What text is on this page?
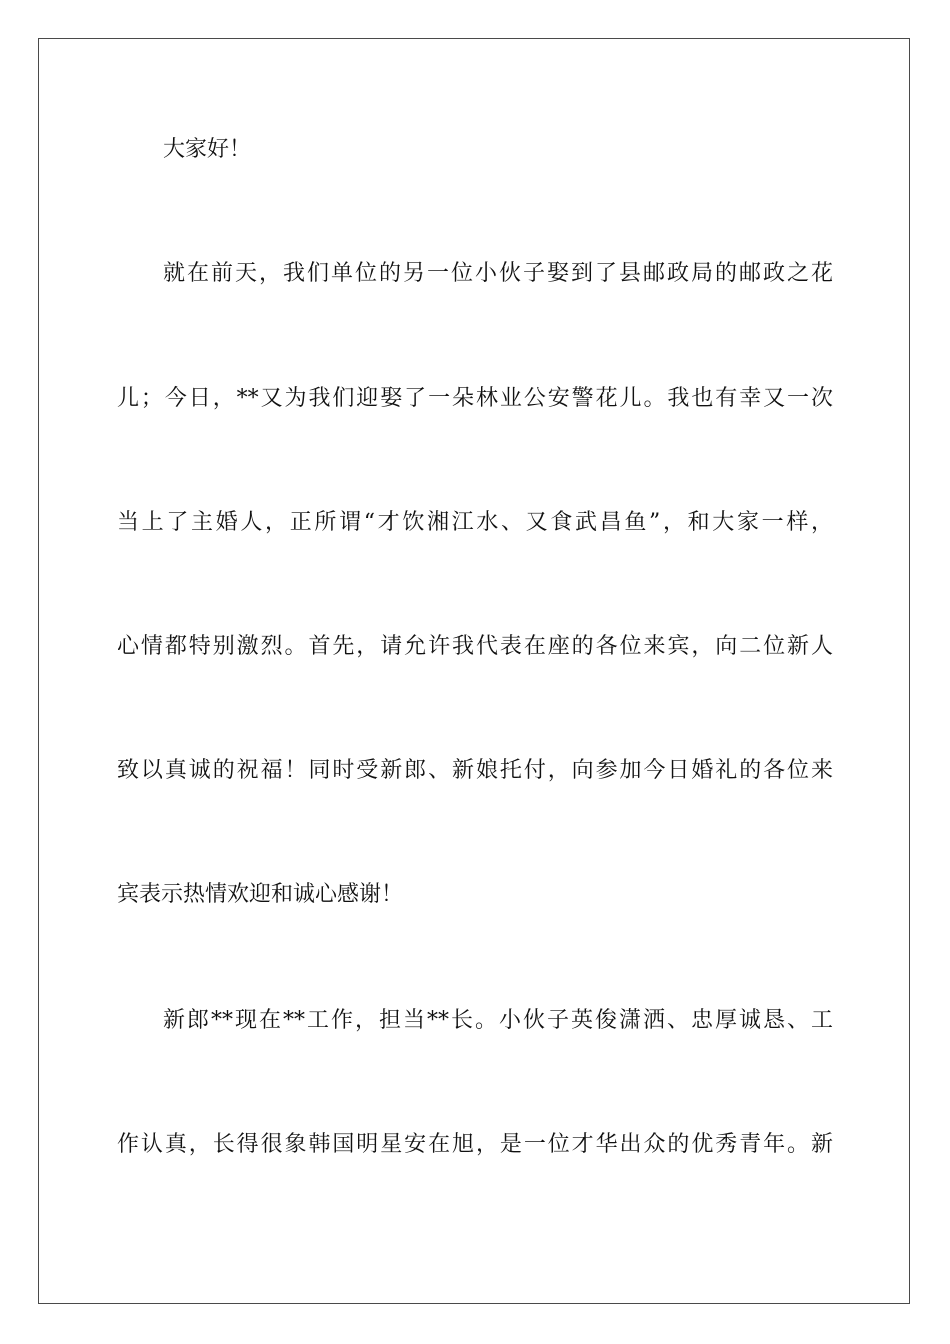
大家好！
就在前天，我们单位的另一位小伙子娶到了县邮政局的邮政之花
儿；今日，**又为我们迎娶了一朵林业公安警花儿。我也有幸又一次
当上了主婚人，正所谓“才饮湘江水、又食武昌鱼”，和大家一样，
心情都特别激烈。首先，请允许我代表在座的各位来宾，向二位新人
致以真诚的祝福！同时受新郎、新娘托付，向参加今日婚礼的各位来
宾表示热情欢迎和诚心感谢！
新郎**现在**工作，担当**长。小伙子英俊潇洒、忠厚诚恳、工
作认真，长得很象韩国明星安在旭，是一位才华出众的优秀青年。新
